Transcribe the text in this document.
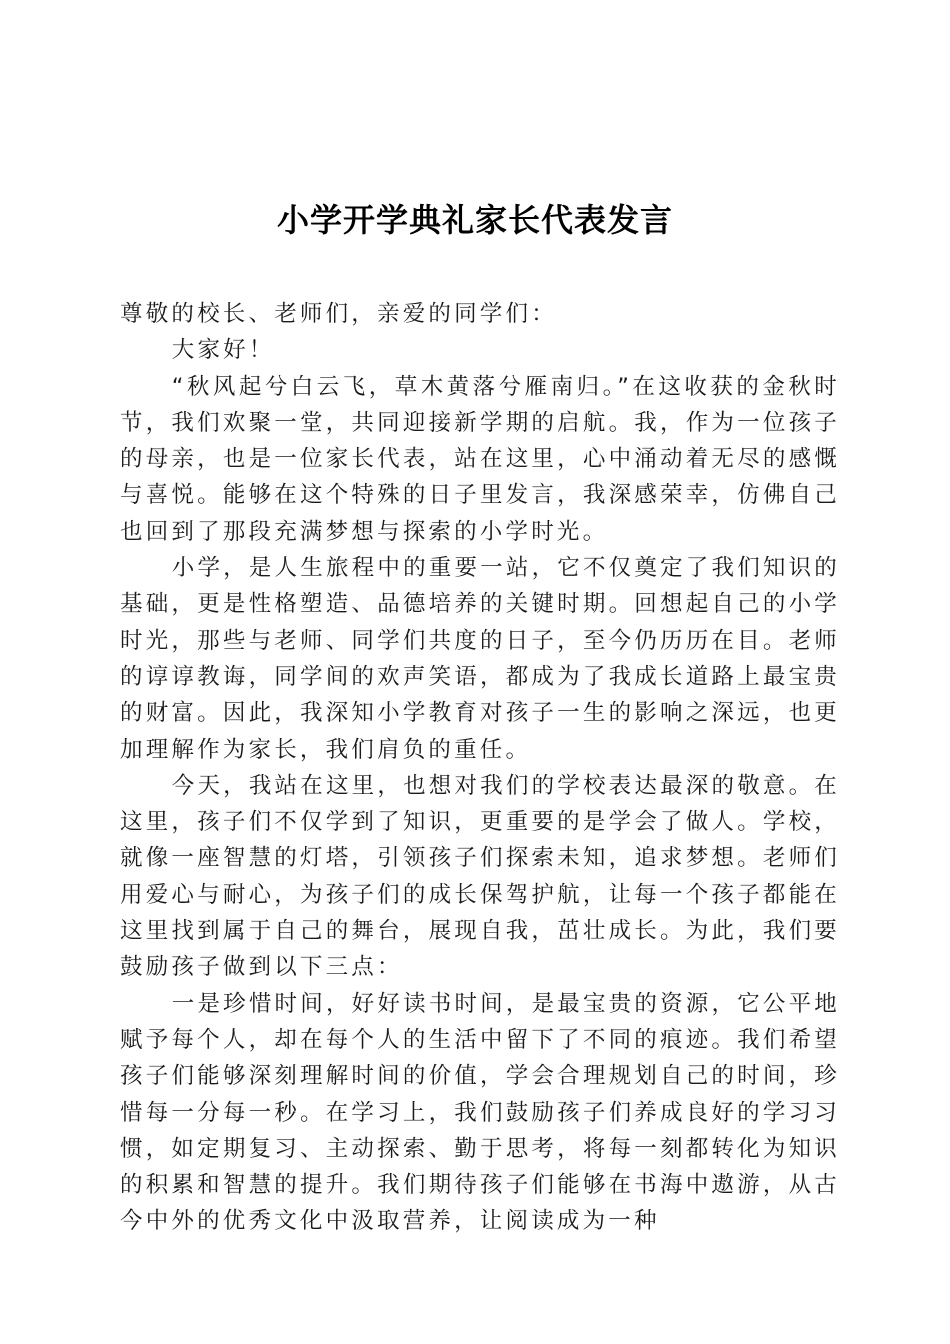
小学开学典礼家长代表发言

尊敬的校长、老师们，亲爱的同学们：

大家好！

“秋风起兮白云飞，草木黄落兮雁南归。”在这收获的金秋时节，我们欢聚一堂，共同迎接新学期的启航。我，作为一位孩子的母亲，也是一位家长代表，站在这里，心中涌动着无尽的感慨与喜悦。能够在这个特殊的日子里发言，我深感荣幸，仿佛自己也回到了那段充满梦想与探索的小学时光。

小学，是人生旅程中的重要一站，它不仅奠定了我们知识的基础，更是性格塑造、品德培养的关键时期。回想起自己的小学时光，那些与老师、同学们共度的日子，至今仍历历在目。老师的谆谆教诲，同学间的欢声笑语，都成为了我成长道路上最宝贵的财富。因此，我深知小学教育对孩子一生的影响之深远，也更加理解作为家长，我们肩负的重任。

今天，我站在这里，也想对我们的学校表达最深的敬意。在这里，孩子们不仅学到了知识，更重要的是学会了做人。学校，就像一座智慧的灯塔，引领孩子们探索未知，追求梦想。老师们用爱心与耐心，为孩子们的成长保驾护航，让每一个孩子都能在这里找到属于自己的舞台，展现自我，茁壮成长。为此，我们要鼓励孩子做到以下三点：

一是珍惜时间，好好读书时间，是最宝贵的资源，它公平地赋予每个人，却在每个人的生活中留下了不同的痕迹。我们希望孩子们能够深刻理解时间的价值，学会合理规划自己的时间，珍惜每一分每一秒。在学习上，我们鼓励孩子们养成良好的学习习惯，如定期复习、主动探索、勤于思考，将每一刻都转化为知识的积累和智慧的提升。我们期待孩子们能够在书海中遨游，从古今中外的优秀文化中汲取营养，让阅读成为一种
